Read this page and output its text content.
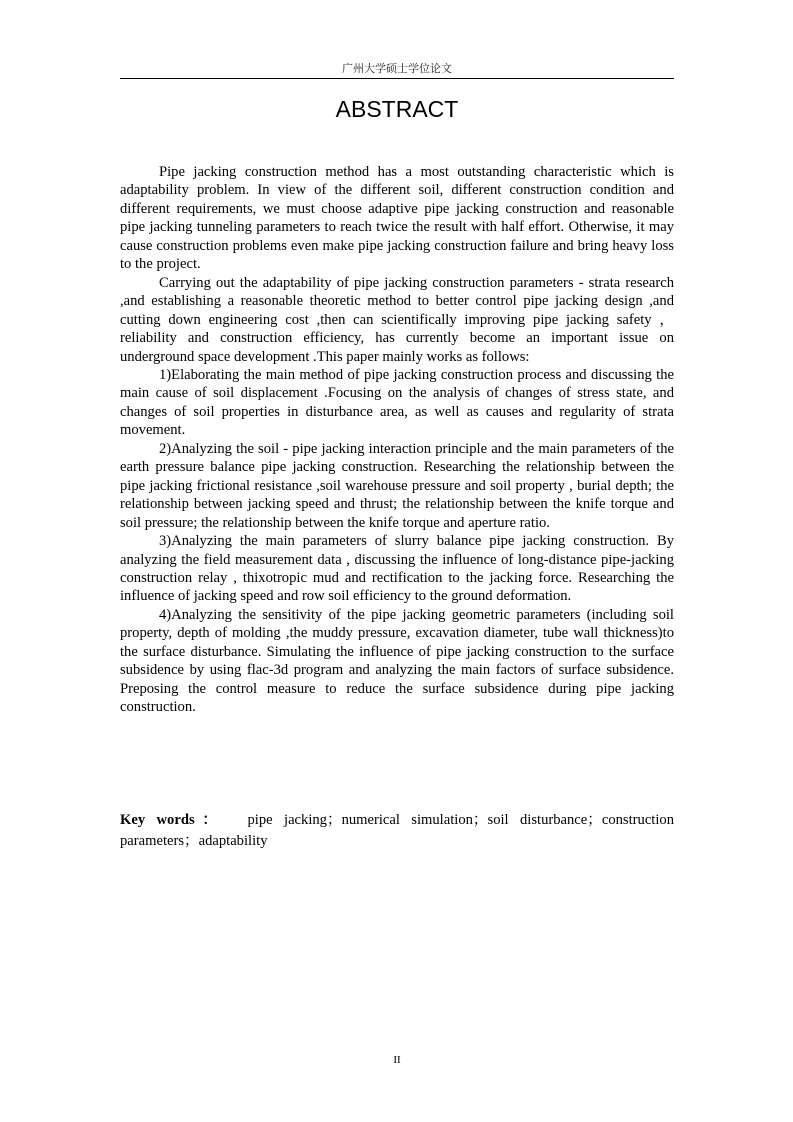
广州大学硕士学位论文
ABSTRACT

Pipe jacking construction method has a most outstanding characteristic which is adaptability problem. In view of the different soil, different construction condition and different requirements, we must choose adaptive pipe jacking construction and reasonable pipe jacking tunneling parameters to reach twice the result with half effort. Otherwise, it may cause construction problems even make pipe jacking construction failure and bring heavy loss to the project.

Carrying out the adaptability of pipe jacking construction parameters - strata research ,and establishing a reasonable theoretic method to better control pipe jacking design ,and cutting down engineering cost ,then can scientifically improving pipe jacking safety ， reliability and construction efficiency, has currently become an important issue on underground space development .This paper mainly works as follows:

1)Elaborating the main method of pipe jacking construction process and discussing the main cause of soil displacement .Focusing on the analysis of changes of stress state, and changes of soil properties in disturbance area, as well as causes and regularity of strata movement.

2)Analyzing the soil - pipe jacking interaction principle and the main parameters of the earth pressure balance pipe jacking construction. Researching the relationship between the pipe jacking frictional resistance ,soil warehouse pressure and soil property , burial depth; the relationship between jacking speed and thrust; the relationship between the knife torque and soil pressure; the relationship between the knife torque and aperture ratio.

3)Analyzing the main parameters of slurry balance pipe jacking construction. By analyzing the field measurement data , discussing the influence of long-distance pipe-jacking construction relay , thixotropic mud and rectification to the jacking force. Researching the influence of jacking speed and row soil efficiency to the ground deformation.

4)Analyzing the sensitivity of the pipe jacking geometric parameters (including soil property, depth of molding ,the muddy pressure, excavation diameter, tube wall thickness)to the surface disturbance. Simulating the influence of pipe jacking construction to the surface subsidence by using flac-3d program and analyzing the main factors of surface subsidence. Preposing the control measure to reduce the surface subsidence during pipe jacking construction.

Key words： pipe jacking；numerical simulation；soil disturbance；construction parameters；adaptability

II
